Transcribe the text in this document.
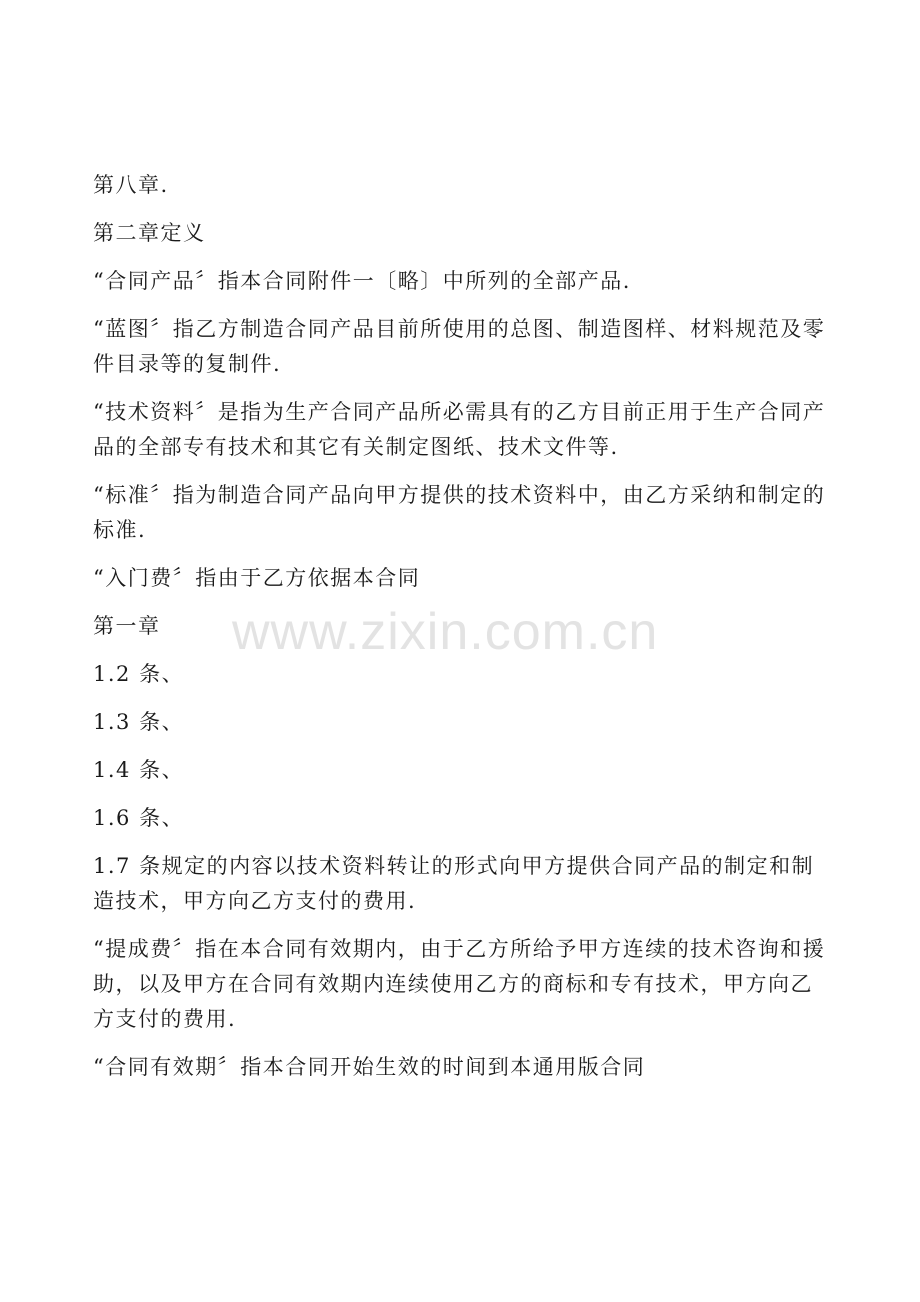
第八章.

第二章定义

“合同产品〞指本合同附件一〔略〕中所列的全部产品.

“蓝图〞指乙方制造合同产品目前所使用的总图、制造图样、材料规范及零件目录等的复制件.

“技术资料〞是指为生产合同产品所必需具有的乙方目前正用于生产合同产品的全部专有技术和其它有关制定图纸、技术文件等.

“标准〞指为制造合同产品向甲方提供的技术资料中，由乙方采纳和制定的标准.

“入门费〞指由于乙方依据本合同

第一章

1.2 条、

1.3 条、

1.4 条、

1.6 条、

1.7 条规定的内容以技术资料转让的形式向甲方提供合同产品的制定和制造技术，甲方向乙方支付的费用.

“提成费〞指在本合同有效期内，由于乙方所给予甲方连续的技术咨询和援助，以及甲方在合同有效期内连续使用乙方的商标和专有技术，甲方向乙方支付的费用.

“合同有效期〞指本合同开始生效的时间到本通用版合同

www.zixin.com.cn
